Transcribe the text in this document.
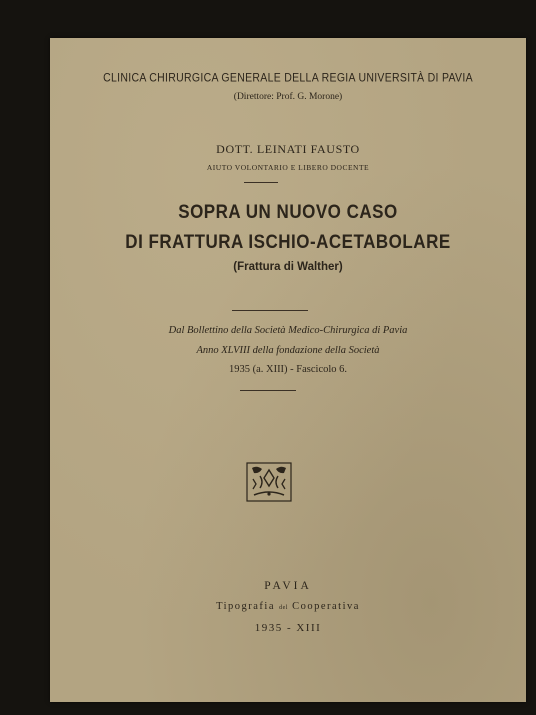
CLINICA CHIRURGICA GENERALE DELLA REGIA UNIVERSITÀ DI PAVIA
(Direttore: Prof. G. Morone)
DOTT. LEINATI FAUSTO
AIUTO VOLONTARIO E LIBERO DOCENTE
SOPRA UN NUOVO CASO
DI FRATTURA ISCHIO-ACETABOLARE
(Frattura di Walther)
Dal Bollettino della Società Medico-Chirurgica di Pavia
Anno XLVIII della fondazione della Società
1935 (a. XIII) - Fascicolo 6.
PAVIA
Tipografia del Cooperativa
1935 - XIII
